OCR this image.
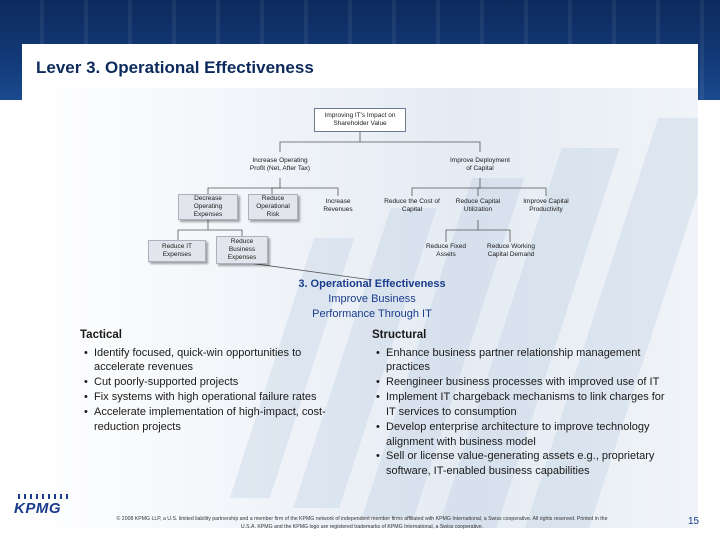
Lever 3. Operational Effectiveness
Improving IT's Impact on Shareholder Value
Increase Operating Profit (Net, After Tax)
Improve Deployment of Capital
Decrease Operating Expenses
Reduce Operational Risk
Increase Revenues
Reduce the Cost of Capital
Reduce Capital Utilization
Improve Capital Productivity
Reduce IT Expenses
Reduce Business Expenses
Reduce Fixed Assets
Reduce Working Capital Demand
3. Operational Effectiveness
Improve Business
Performance Through IT
Tactical
• Identify focused, quick-win opportunities to accelerate revenues
• Cut poorly-supported projects
• Fix systems with high operational failure rates
• Accelerate implementation of high-impact, cost-reduction projects
Structural
• Enhance business partner relationship management practices
• Reengineer business processes with improved use of IT
• Implement IT chargeback mechanisms to link charges for IT services to consumption
• Develop enterprise architecture to improve technology alignment with business model
• Sell or license value-generating assets e.g., proprietary software, IT-enabled business capabilities
KPMG
© 2008 KPMG LLP, a U.S. limited liability partnership and a member firm of the KPMG network of independent member firms affiliated with KPMG International, a Swiss cooperative. All rights reserved. Printed in the U.S.A. KPMG and the KPMG logo are registered trademarks of KPMG International, a Swiss cooperative.	15
